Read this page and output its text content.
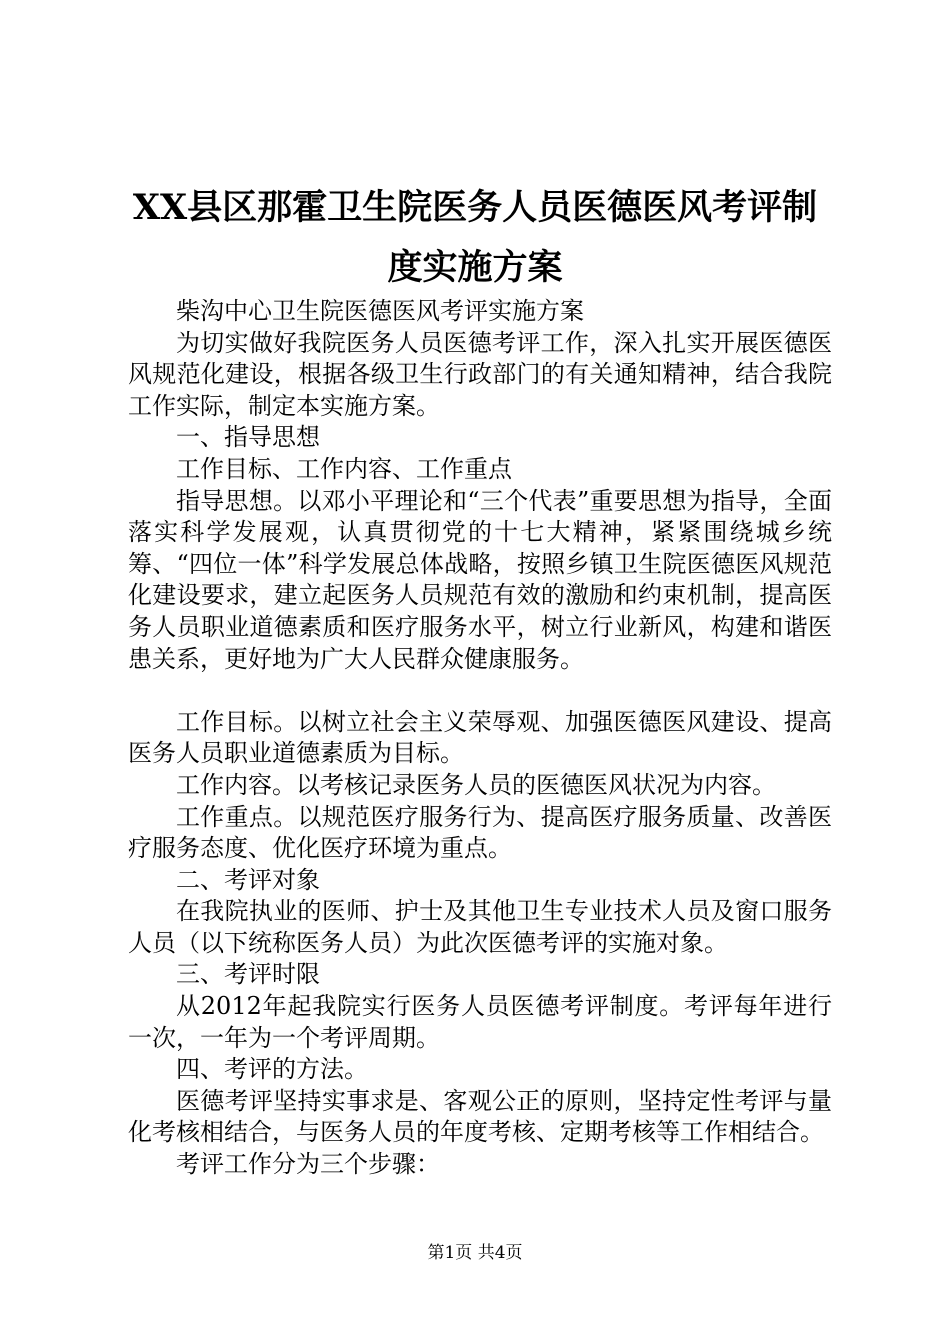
XX县区那霍卫生院医务人员医德医风考评制
度实施方案

柴沟中心卫生院医德医风考评实施方案

为切实做好我院医务人员医德考评工作，深入扎实开展医德医风规范化建设，根据各级卫生行政部门的有关通知精神，结合我院工作实际，制定本实施方案。

一、指导思想

工作目标、工作内容、工作重点

指导思想。以邓小平理论和“三个代表”重要思想为指导，全面落实科学发展观，认真贯彻党的十七大精神，紧紧围绕城乡统筹、“四位一体”科学发展总体战略，按照乡镇卫生院医德医风规范化建设要求，建立起医务人员规范有效的激励和约束机制，提高医务人员职业道德素质和医疗服务水平，树立行业新风，构建和谐医患关系，更好地为广大人民群众健康服务。

工作目标。以树立社会主义荣辱观、加强医德医风建设、提高医务人员职业道德素质为目标。

工作内容。以考核记录医务人员的医德医风状况为内容。

工作重点。以规范医疗服务行为、提高医疗服务质量、改善医疗服务态度、优化医疗环境为重点。

二、考评对象

在我院执业的医师、护士及其他卫生专业技术人员及窗口服务人员（以下统称医务人员）为此次医德考评的实施对象。

三、考评时限

从2012年起我院实行医务人员医德考评制度。考评每年进行一次，一年为一个考评周期。

四、考评的方法。

医德考评坚持实事求是、客观公正的原则，坚持定性考评与量化考核相结合，与医务人员的年度考核、定期考核等工作相结合。

考评工作分为三个步骤：

第1页 共4页
